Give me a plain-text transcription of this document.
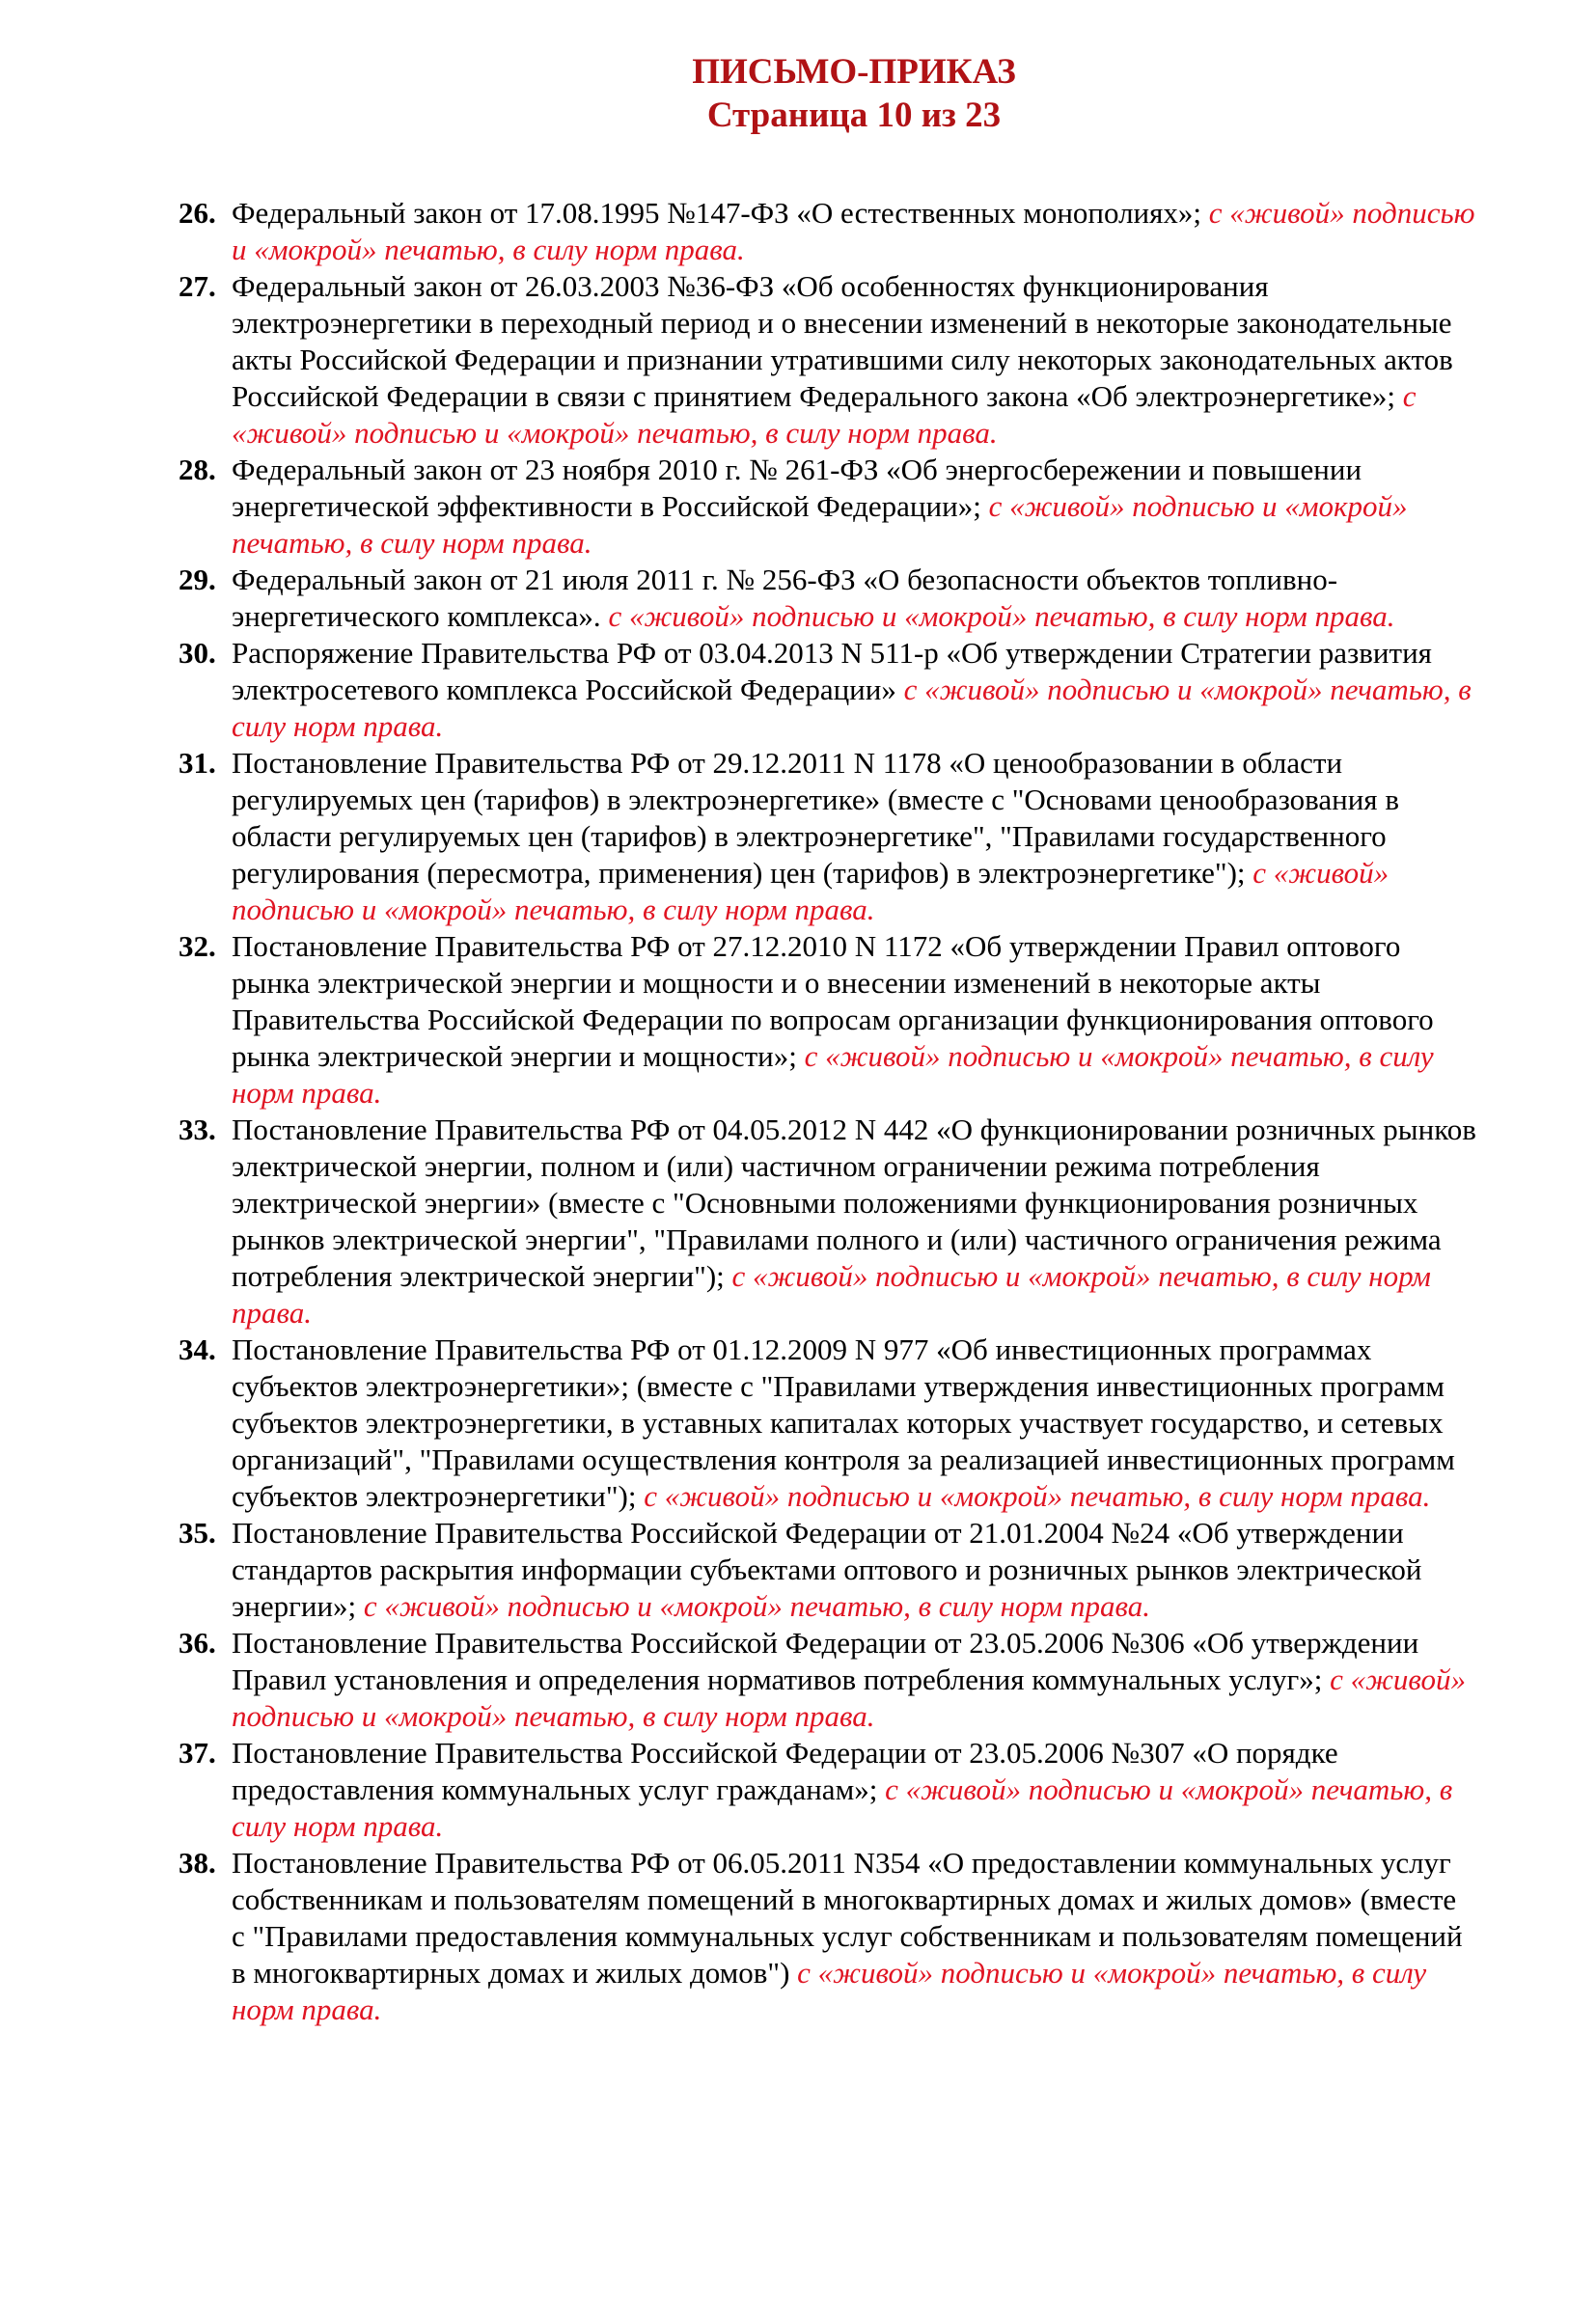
ПИСЬМО-ПРИКАЗ
Страница 10 из 23
26. Федеральный закон от 17.08.1995 №147-ФЗ «О естественных монополиях»; с «живой» подписью и «мокрой» печатью, в силу норм права.
27. Федеральный закон от 26.03.2003 №36-ФЗ «Об особенностях функционирования электроэнергетики в переходный период и о внесении изменений в некоторые законодательные акты Российской Федерации и признании утратившими силу некоторых законодательных актов Российской Федерации в связи с принятием Федерального закона «Об электроэнергетике»; с «живой» подписью и «мокрой» печатью, в силу норм права.
28. Федеральный закон от 23 ноября 2010 г. № 261-ФЗ «Об энергосбережении и повышении энергетической эффективности в Российской Федерации»; с «живой» подписью и «мокрой» печатью, в силу норм права.
29. Федеральный закон от 21 июля 2011 г. № 256-ФЗ «О безопасности объектов топливно-энергетического комплекса». с «живой» подписью и «мокрой» печатью, в силу норм права.
30. Распоряжение Правительства РФ от 03.04.2013 N 511-р «Об утверждении Стратегии развития электросетевого комплекса Российской Федерации» с «живой» подписью и «мокрой» печатью, в силу норм права.
31. Постановление Правительства РФ от 29.12.2011 N 1178 «О ценообразовании в области регулируемых цен (тарифов) в электроэнергетике» (вместе с "Основами ценообразования в области регулируемых цен (тарифов) в электроэнергетике", "Правилами государственного регулирования (пересмотра, применения) цен (тарифов) в электроэнергетике"); с «живой» подписью и «мокрой» печатью, в силу норм права.
32. Постановление Правительства РФ от 27.12.2010 N 1172 «Об утверждении Правил оптового рынка электрической энергии и мощности и о внесении изменений в некоторые акты Правительства Российской Федерации по вопросам организации функционирования оптового рынка электрической энергии и мощности»; с «живой» подписью и «мокрой» печатью, в силу норм права.
33. Постановление Правительства РФ от 04.05.2012 N 442 «О функционировании розничных рынков электрической энергии, полном и (или) частичном ограничении режима потребления электрической энергии» (вместе с "Основными положениями функционирования розничных рынков электрической энергии", "Правилами полного и (или) частичного ограничения режима потребления электрической энергии"); с «живой» подписью и «мокрой» печатью, в силу норм права.
34. Постановление Правительства РФ от 01.12.2009 N 977 «Об инвестиционных программах субъектов электроэнергетики»; (вместе с "Правилами утверждения инвестиционных программ субъектов электроэнергетики, в уставных капиталах которых участвует государство, и сетевых организаций", "Правилами осуществления контроля за реализацией инвестиционных программ субъектов электроэнергетики"); с «живой» подписью и «мокрой» печатью, в силу норм права.
35. Постановление Правительства Российской Федерации от 21.01.2004 №24 «Об утверждении стандартов раскрытия информации субъектами оптового и розничных рынков электрической энергии»; с «живой» подписью и «мокрой» печатью, в силу норм права.
36. Постановление Правительства Российской Федерации от 23.05.2006 №306 «Об утверждении Правил установления и определения нормативов потребления коммунальных услуг»; с «живой» подписью и «мокрой» печатью, в силу норм права.
37. Постановление Правительства Российской Федерации от 23.05.2006 №307 «О порядке предоставления коммунальных услуг гражданам»; с «живой» подписью и «мокрой» печатью, в силу норм права.
38. Постановление Правительства РФ от 06.05.2011 N354 «О предоставлении коммунальных услуг собственникам и пользователям помещений в многоквартирных домах и жилых домов» (вместе с "Правилами предоставления коммунальных услуг собственникам и пользователям помещений в многоквартирных домах и жилых домов") с «живой» подписью и «мокрой» печатью, в силу норм права.
